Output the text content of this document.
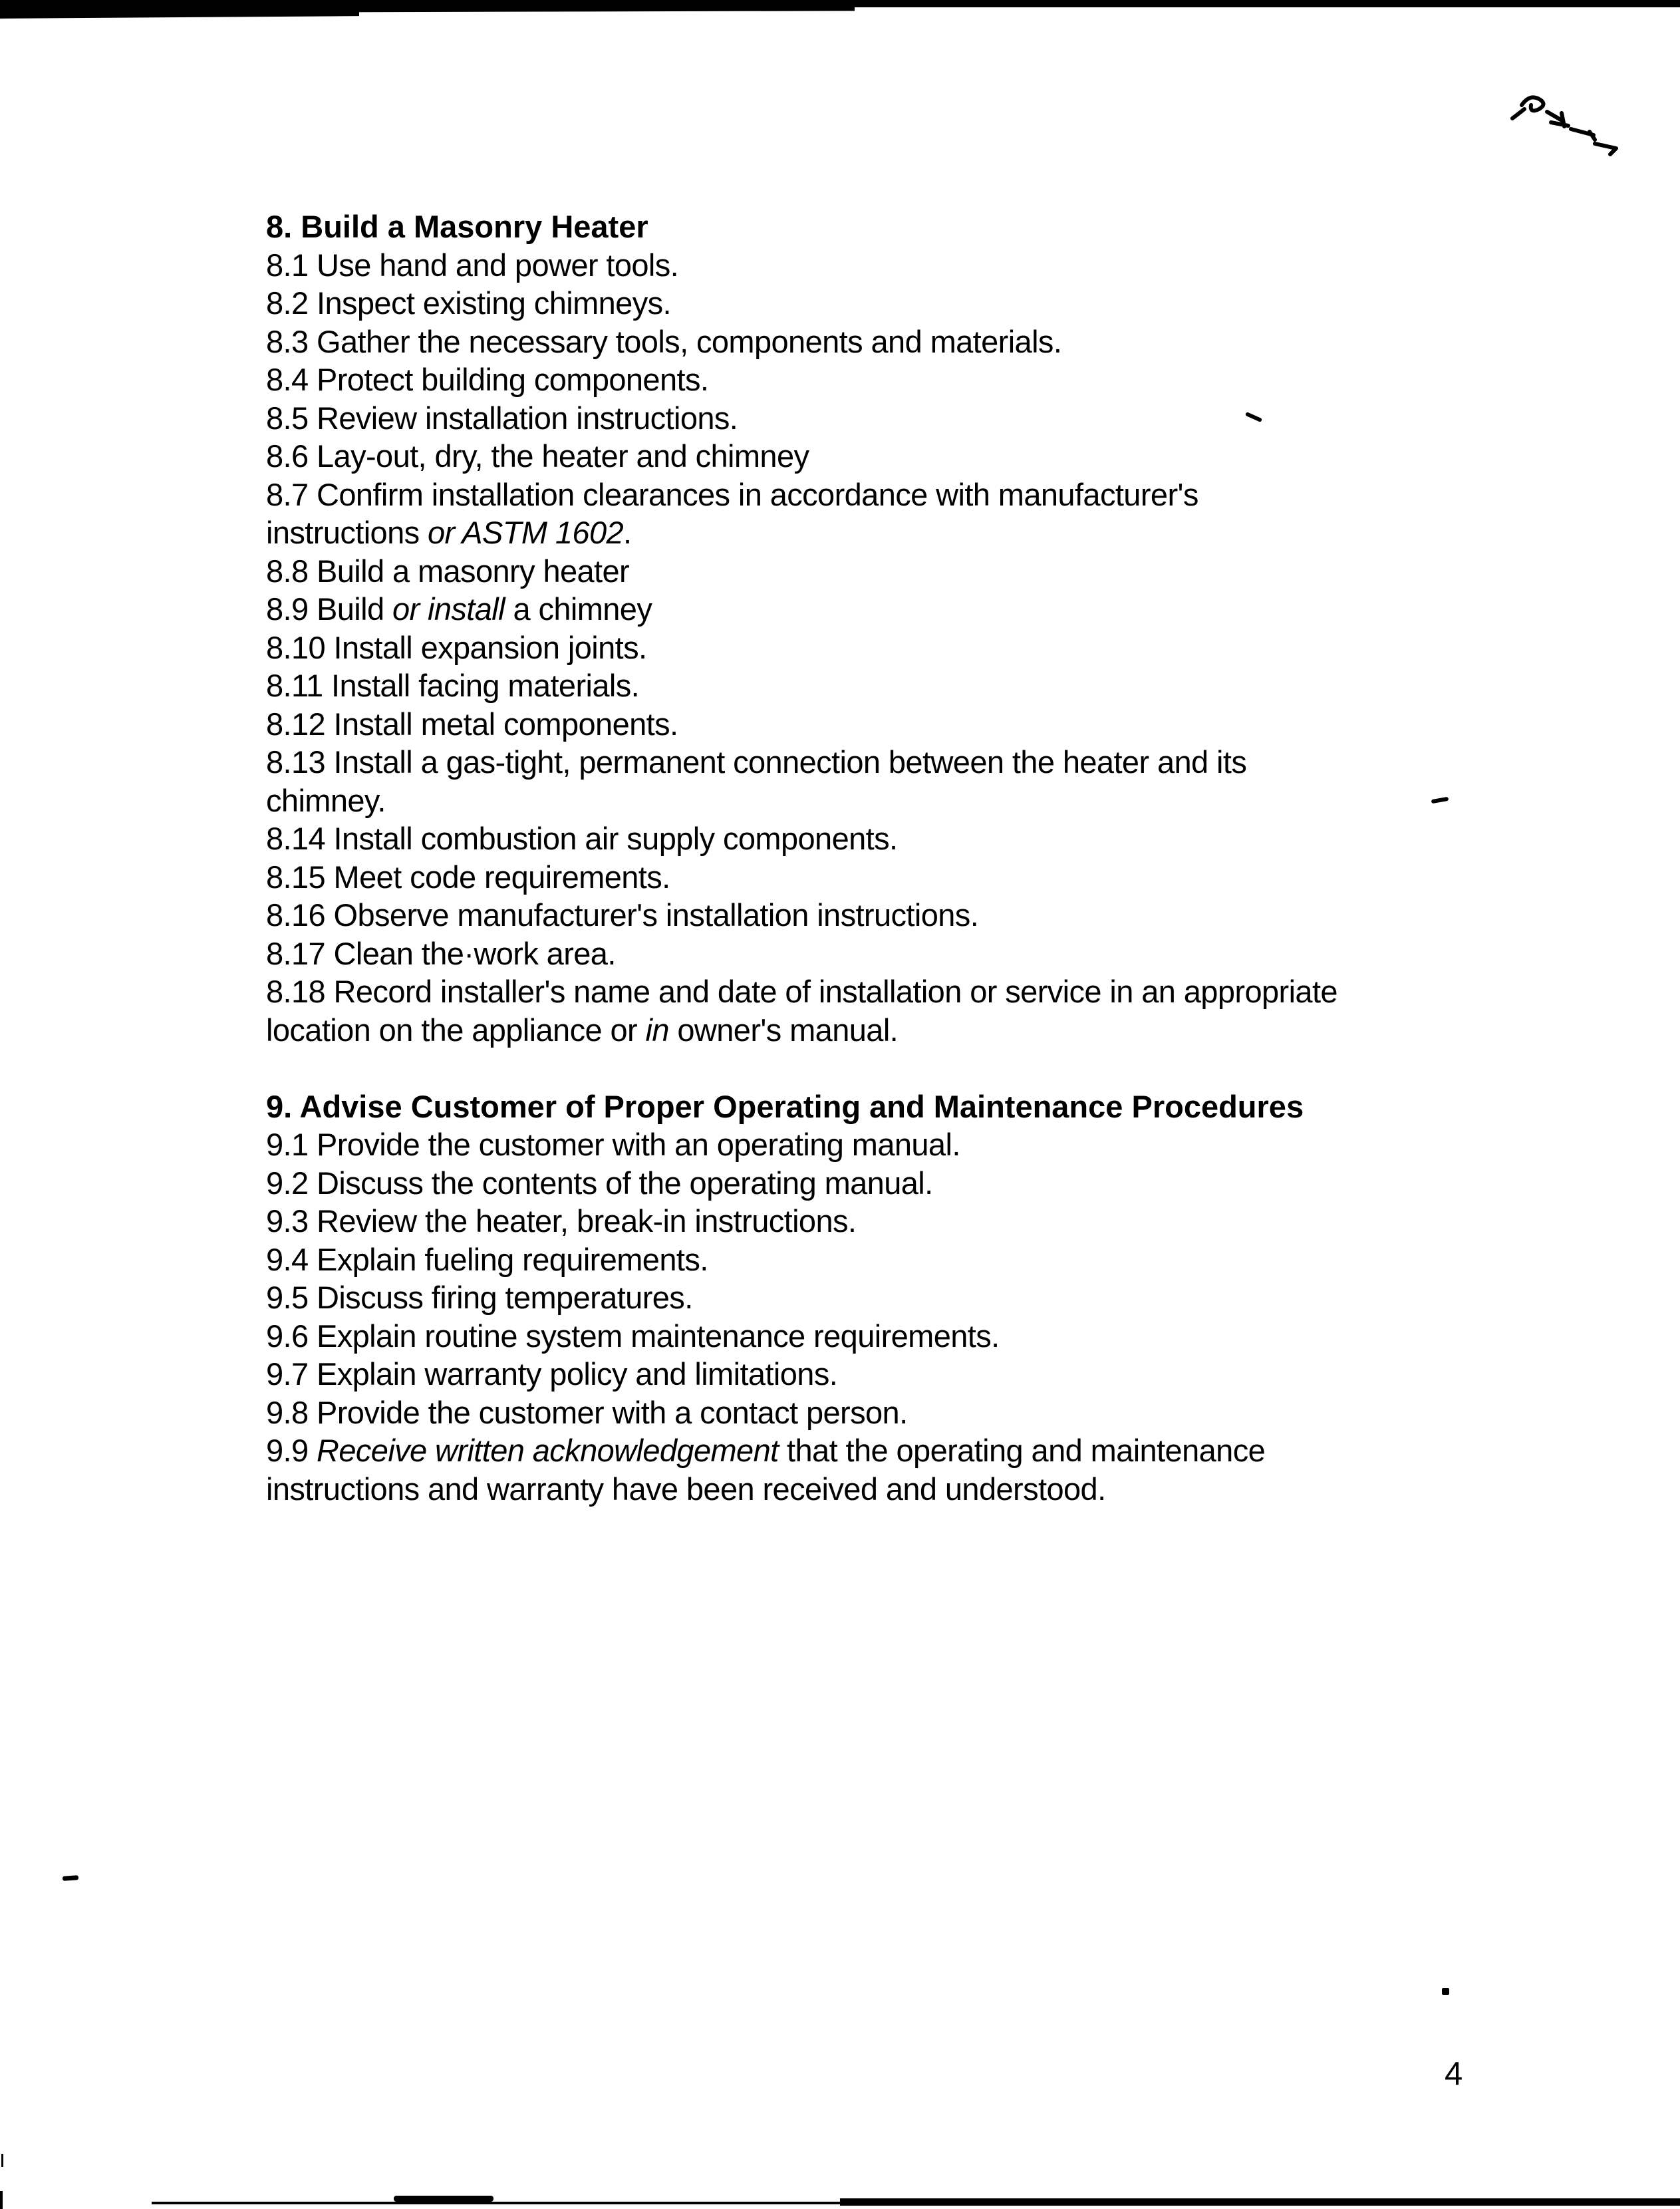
8. Build a Masonry Heater
8.1 Use hand and power tools.
8.2 Inspect existing chimneys.
8.3 Gather the necessary tools, components and materials.
8.4 Protect building components.
8.5 Review installation instructions.
8.6 Lay-out, dry, the heater and chimney
8.7 Confirm installation clearances in accordance with manufacturer's
instructions or ASTM 1602.
8.8 Build a masonry heater
8.9 Build or install a chimney
8.10 Install expansion joints.
8.11 Install facing materials.
8.12 Install metal components.
8.13 Install a gas-tight, permanent connection between the heater and its
chimney.
8.14 Install combustion air supply components.
8.15 Meet code requirements.
8.16 Observe manufacturer's installation instructions.
8.17 Clean the·work area.
8.18 Record installer's name and date of installation or service in an appropriate
location on the appliance or in owner's manual.
9. Advise Customer of Proper Operating and Maintenance Procedures
9.1 Provide the customer with an operating manual.
9.2 Discuss the contents of the operating manual.
9.3 Review the heater, break-in instructions.
9.4 Explain fueling requirements.
9.5 Discuss firing temperatures.
9.6 Explain routine system maintenance requirements.
9.7 Explain warranty policy and limitations.
9.8 Provide the customer with a contact person.
9.9 Receive written acknowledgement that the operating and maintenance
instructions and warranty have been received and understood.
4
